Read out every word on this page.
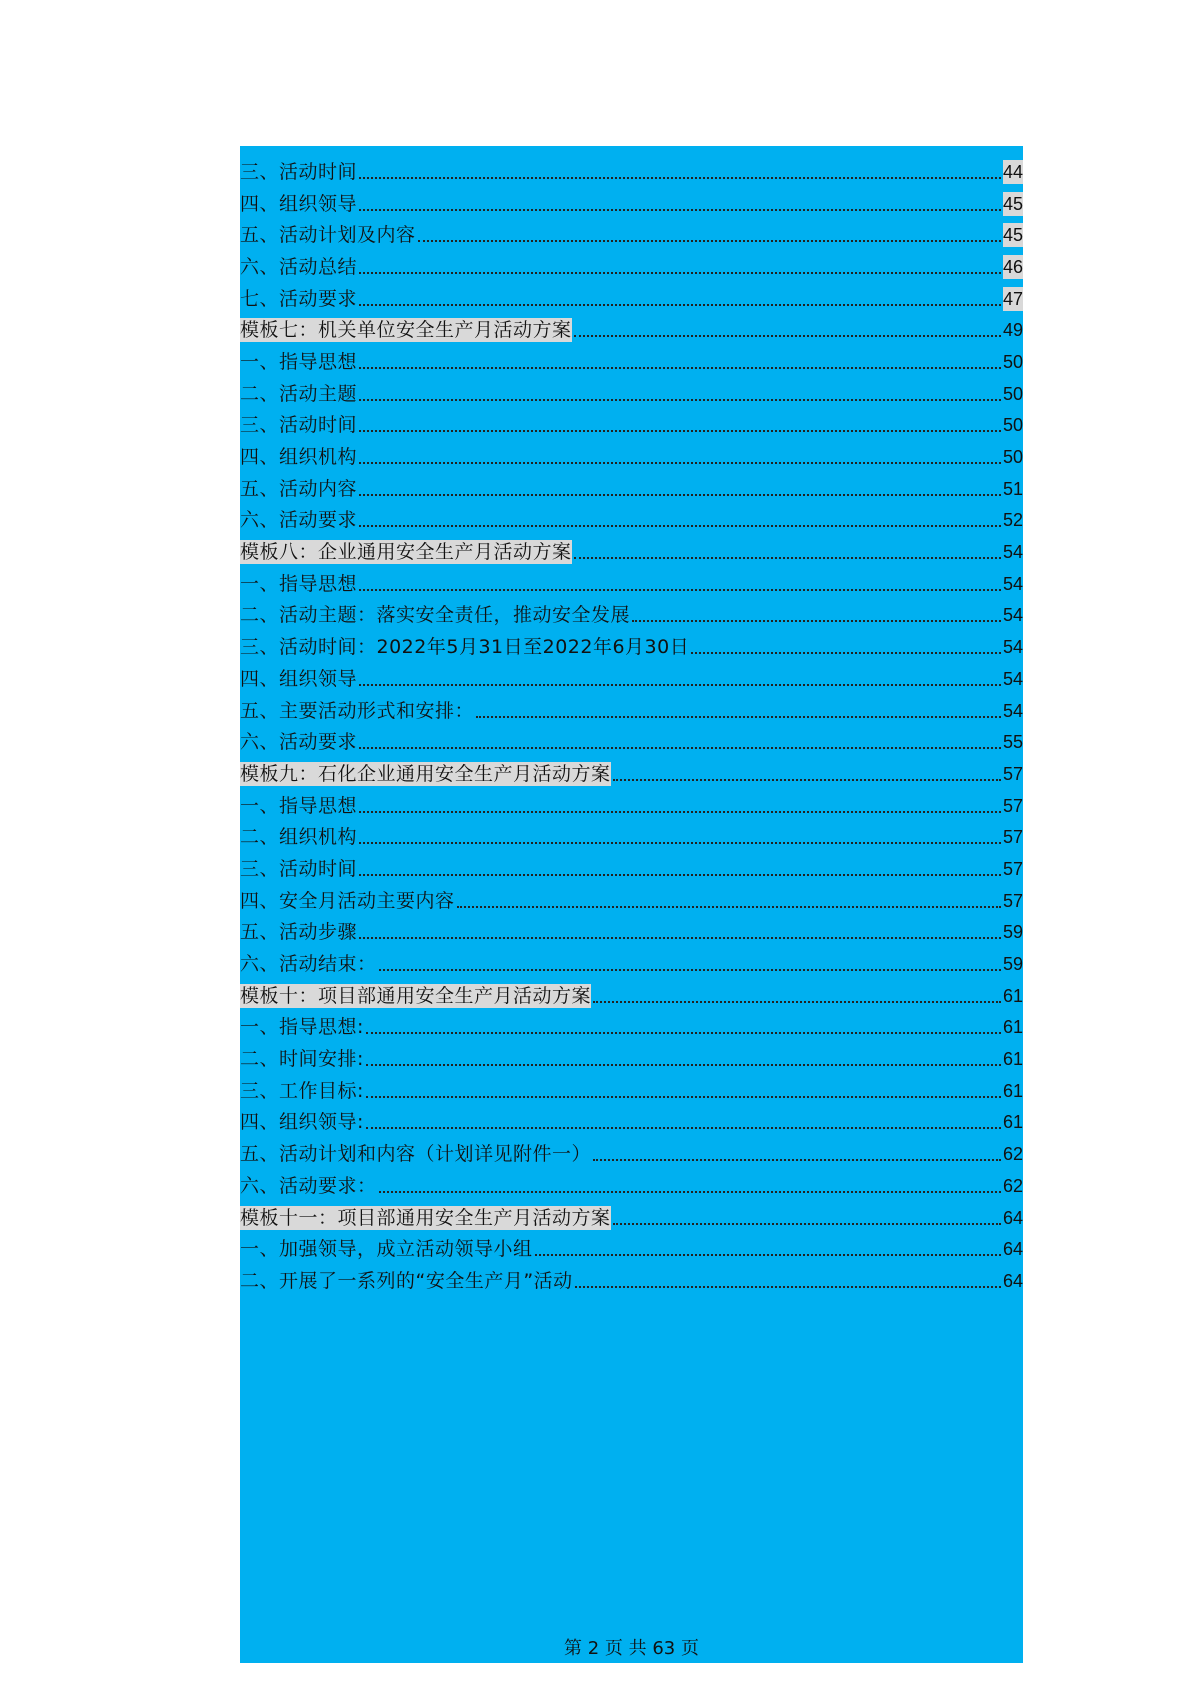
三、活动时间	44
四、组织领导	45
五、活动计划及内容	45
六、活动总结	46
七、活动要求	47
模板七：机关单位安全生产月活动方案	49
一、指导思想	50
二、活动主题	50
三、活动时间	50
四、组织机构	50
五、活动内容	51
六、活动要求	52
模板八：企业通用安全生产月活动方案	54
一、指导思想	54
二、活动主题：落实安全责任，推动安全发展	54
三、活动时间：2022年5月31日至2022年6月30日	54
四、组织领导	54
五、主要活动形式和安排：	54
六、活动要求	55
模板九：石化企业通用安全生产月活动方案	57
一、指导思想	57
二、组织机构	57
三、活动时间	57
四、安全月活动主要内容	57
五、活动步骤	59
六、活动结束：	59
模板十：项目部通用安全生产月活动方案	61
一、指导思想:	61
二、时间安排:	61
三、工作目标:	61
四、组织领导:	61
五、活动计划和内容（计划详见附件一）	62
六、活动要求：	62
模板十一：项目部通用安全生产月活动方案	64
一、加强领导，成立活动领导小组	64
二、开展了一系列的“安全生产月”活动	64
第 2 页 共 63 页
